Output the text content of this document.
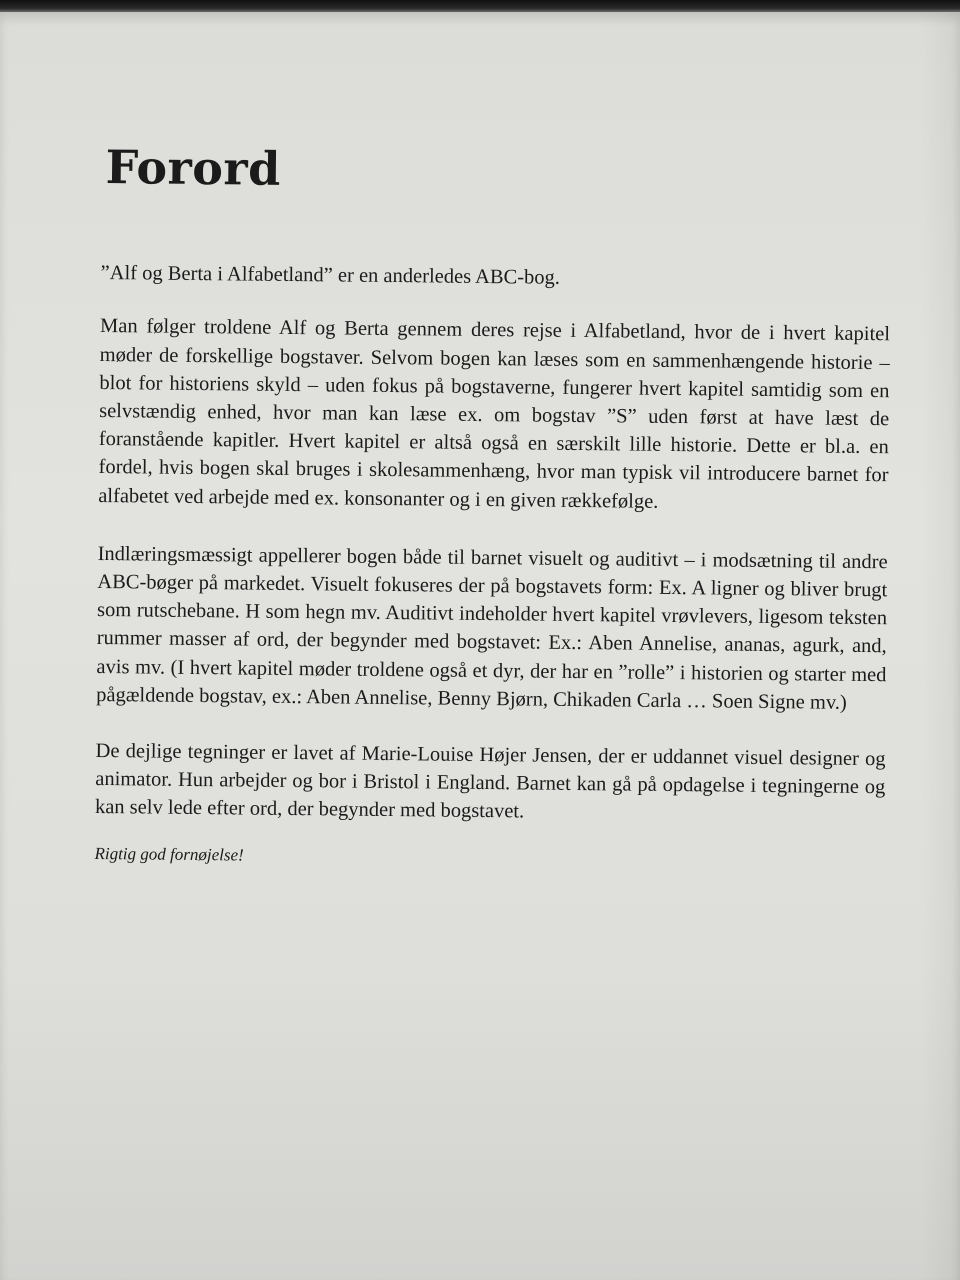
Forord

”Alf og Berta i Alfabetland” er en anderledes ABC-bog.

Man følger troldene Alf og Berta gennem deres rejse i Alfabetland, hvor de i hvert kapitel møder de forskellige bogstaver. Selvom bogen kan læses som en sammenhængende historie – blot for historiens skyld – uden fokus på bogstaverne, fungerer hvert kapitel samtidig som en selvstændig enhed, hvor man kan læse ex. om bogstav ”S” uden først at have læst de foranstående kapitler. Hvert kapitel er altså også en særskilt lille historie. Dette er bl.a. en fordel, hvis bogen skal bruges i skolesammenhæng, hvor man typisk vil introducere barnet for alfabetet ved arbejde med ex. konsonanter og i en given rækkefølge.

Indlæringsmæssigt appellerer bogen både til barnet visuelt og auditivt – i modsætning til andre ABC-bøger på markedet. Visuelt fokuseres der på bogstavets form: Ex. A ligner og bliver brugt som rutschebane. H som hegn mv. Auditivt indeholder hvert kapitel vrøvlevers, ligesom teksten rummer masser af ord, der begynder med bogstavet: Ex.: Aben Annelise, ananas, agurk, and, avis mv. (I hvert kapitel møder troldene også et dyr, der har en ”rolle” i historien og starter med pågældende bogstav, ex.: Aben Annelise, Benny Bjørn, Chikaden Carla … Soen Signe mv.)

De dejlige tegninger er lavet af Marie-Louise Højer Jensen, der er uddannet visuel designer og animator. Hun arbejder og bor i Bristol i England. Barnet kan gå på opdagelse i tegningerne og kan selv lede efter ord, der begynder med bogstavet.

Rigtig god fornøjelse!
